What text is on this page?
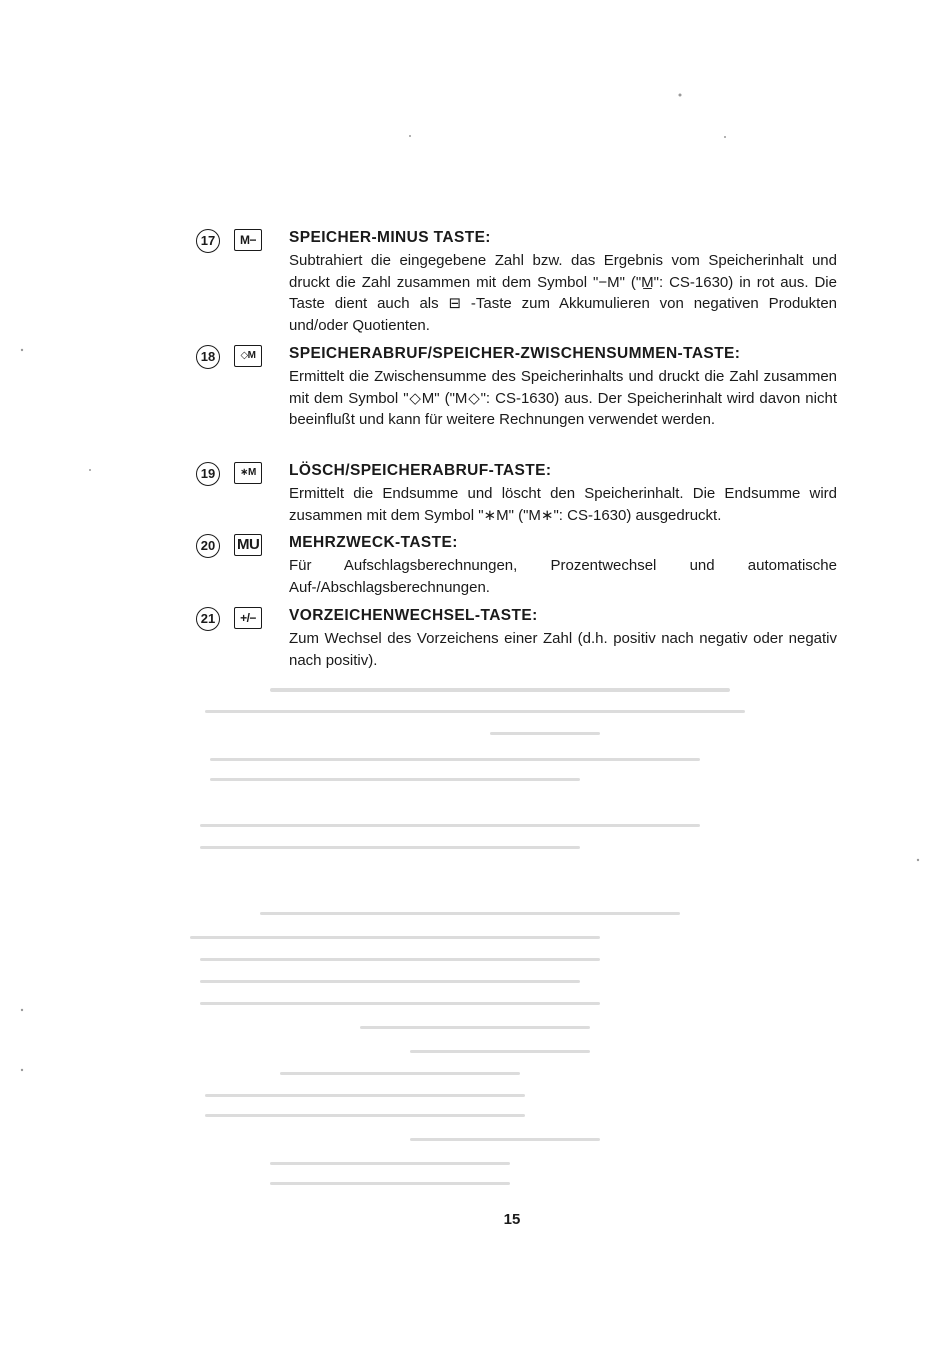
17	M−	SPEICHER-MINUS TASTE:
Subtrahiert die eingegebene Zahl bzw. das Ergebnis vom Speicherinhalt und druckt die Zahl zusammen mit dem Symbol "−M" ("M̲": CS-1630) in rot aus. Die Taste dient auch als ⊟ -Taste zum Akkumulieren von negativen Produkten und/oder Quotienten.
18	◇M	SPEICHERABRUF/SPEICHER-ZWISCHENSUMMEN-TASTE:
Ermittelt die Zwischensumme des Speicherinhalts und druckt die Zahl zusammen mit dem Symbol "◇M" ("M◇": CS-1630) aus. Der Speicherinhalt wird davon nicht beeinflußt und kann für weitere Rechnungen verwendet werden.
19	∗M	LÖSCH/SPEICHERABRUF-TASTE:
Ermittelt die Endsumme und löscht den Speicherinhalt. Die Endsumme wird zusammen mit dem Symbol "∗M" ("M∗": CS-1630) ausgedruckt.
20	MU MEHRZWECK-TASTE:
Für Aufschlagsberechnungen, Prozentwechsel und automatische Auf-/Abschlagsberechnungen.
21	+/−	VORZEICHENWECHSEL-TASTE:
Zum Wechsel des Vorzeichens einer Zahl (d.h. positiv nach negativ oder negativ nach positiv).
15
